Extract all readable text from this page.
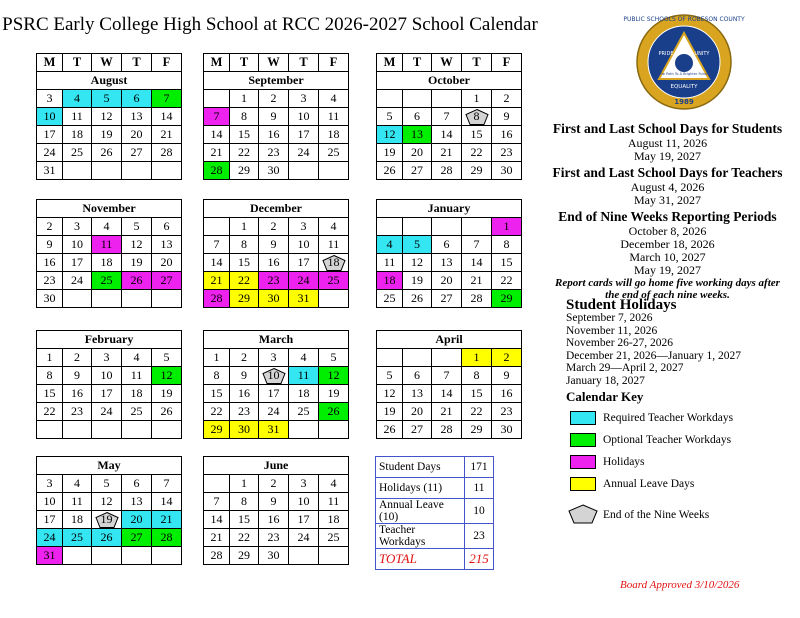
PSRC Early College High School at RCC 2026-2027 School Calendar
M	T	W	T	F
August				
3	4	5	6	7
10	11	12	13	14
17	18	19	20	21
24	25	26	27	28
31				
M	T	W	T	F
September				
	1	2	3	4
7	8	9	10	11
14	15	16	17	18
21	22	23	24	25
28	29	30		
M	T	W	T	F
October				
			1	2
5	6	7	8	9
12	13	14	15	16
19	20	21	22	23
26	27	28	29	30
November				
2	3	4	5	6
9	10	11	12	13
16	17	18	19	20
23	24	25	26	27
30				
December				
	1	2	3	4
7	8	9	10	11
14	15	16	17	18
21	22	23	24	25
28	29	30	31	
January				
				1
4	5	6	7	8
11	12	13	14	15
18	19	20	21	22
25	26	27	28	29
February				
1	2	3	4	5
8	9	10	11	12
15	16	17	18	19
22	23	24	25	26

March				
1	2	3	4	5
8	9	10	11	12
15	16	17	18	19
22	23	24	25	26
29	30	31		
April				
			1	2
5	6	7	8	9
12	13	14	15	16
19	20	21	22	23
26	27	28	29	30
May				
3	4	5	6	7
10	11	12	13	14
17	18	19	20	21
24	25	26	27	28
31				
June				
	1	2	3	4
7	8	9	10	11
14	15	16	17	18
21	22	23	24	25
28	29	30		
PUBLIC SCHOOLS OF ROBESON COUNTY
PRIDE	UNITY
The Path To A Brighter Future
EQUALITY
1989
First and Last School Days for Students
August 11, 2026
May 19, 2027
First and Last School Days for Teachers
August 4, 2026
May 31, 2027
End of Nine Weeks Reporting Periods
October 8, 2026
December 18, 2026
March 10, 2027
May 19, 2027
Report cards will go home five working days after the end of each nine weeks.
Student Holidays
September 7, 2026
November 11, 2026
November 26-27, 2026
December 21, 2026—January 1, 2027
March 29—April 2, 2027
January 18, 2027
Calendar Key
Required Teacher Workdays
Optional Teacher Workdays
Holidays
Annual Leave Days
End of the Nine Weeks
Student Days	171
Holidays (11)	11
Annual Leave (10)	10
Teacher Workdays	23
TOTAL	215
Board Approved 3/10/2026
